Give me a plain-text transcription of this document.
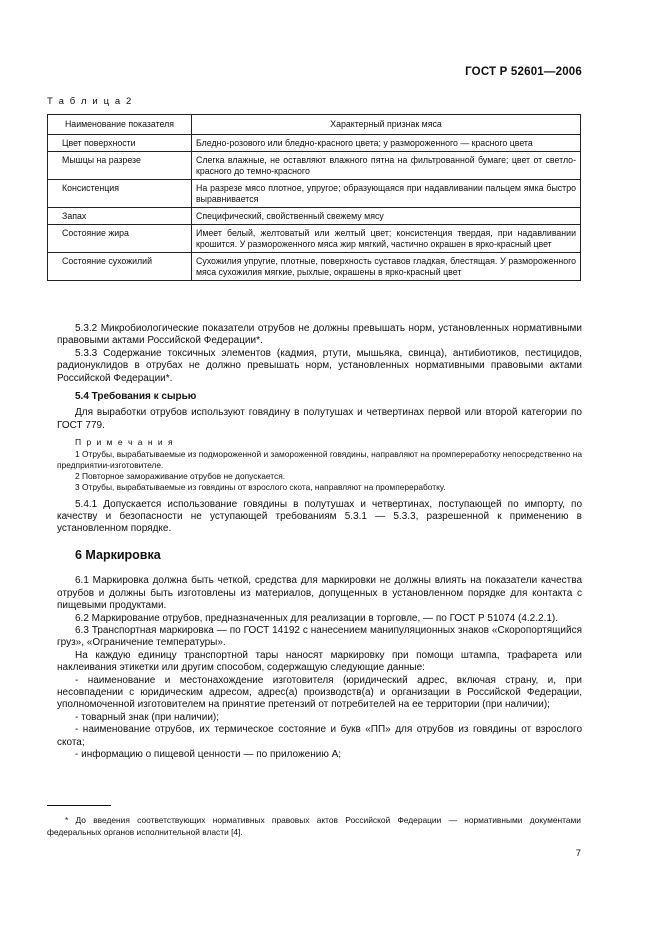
ГОСТ Р 52601—2006
Т а б л и ц а 2
Наименование показателя	Характерный признак мяса
Цвет поверхности	Бледно-розового или бледно-красного цвета; у размороженного — красного цвета
Мышцы на разрезе	Слегка влажные, не оставляют влажного пятна на фильтрованной бумаге; цвет от светло-красного до темно-красного
Консистенция	На разрезе мясо плотное, упругое; образующаяся при надавливании пальцем ямка быстро выравнивается
Запах	Специфический, свойственный свежему мясу
Состояние жира	Имеет белый, желтоватый или желтый цвет; консистенция твердая, при надавливании крошится. У размороженного мяса жир мягкий, частично окрашен в ярко-красный цвет
Состояние сухожилий	Сухожилия упругие, плотные, поверхность суставов гладкая, блестящая. У размороженного мяса сухожилия мягкие, рыхлые, окрашены в ярко-красный цвет

5.3.2 Микробиологические показатели отрубов не должны превышать норм, установленных нормативными правовыми актами Российской Федерации*.

5.3.3 Содержание токсичных элементов (кадмия, ртути, мышьяка, свинца), антибиотиков, пестицидов, радионуклидов в отрубах не должно превышать норм, установленных нормативными правовыми актами Российской Федерации*.

5.4 Требования к сырью

Для выработки отрубов используют говядину в полутушах и четвертинах первой или второй категории по ГОСТ 779.

П р и м е ч а н и я

1 Отрубы, вырабатываемые из подмороженной и замороженной говядины, направляют на промпереработку непосредственно на предприятии-изготовителе.

2 Повторное замораживание отрубов не допускается.

3 Отрубы, вырабатываемые из говядины от взрослого скота, направляют на промпереработку.

5.4.1 Допускается использование говядины в полутушах и четвертинах, поступающей по импорту, по качеству и безопасности не уступающей требованиям 5.3.1 — 5.3.3, разрешенной к применению в установленном порядке.

6 Маркировка

6.1 Маркировка должна быть четкой, средства для маркировки не должны влиять на показатели качества отрубов и должны быть изготовлены из материалов, допущенных в установленном порядке для контакта с пищевыми продуктами.

6.2 Маркирование отрубов, предназначенных для реализации в торговле, — по ГОСТ Р 51074 (4.2.2.1).

6.3 Транспортная маркировка — по ГОСТ 14192 с нанесением манипуляционных знаков «Скоропортящийся груз», «Ограничение температуры».

На каждую единицу транспортной тары наносят маркировку при помощи штампа, трафарета или наклеивания этикетки или другим способом, содержащую следующие данные:

- наименование и местонахождение изготовителя (юридический адрес, включая страну, и, при несовпадении с юридическим адресом, адрес(а) производств(а) и организации в Российской Федерации, уполномоченной изготовителем на принятие претензий от потребителей на ее территории (при наличии);

- товарный знак (при наличии);

- наименование отрубов, их термическое состояние и букв «ПП» для отрубов из говядины от взрослого скота;

- информацию о пищевой ценности — по приложению А;

* До введения соответствующих нормативных правовых актов Российской Федерации — нормативными документами федеральных органов исполнительной власти [4].

7
